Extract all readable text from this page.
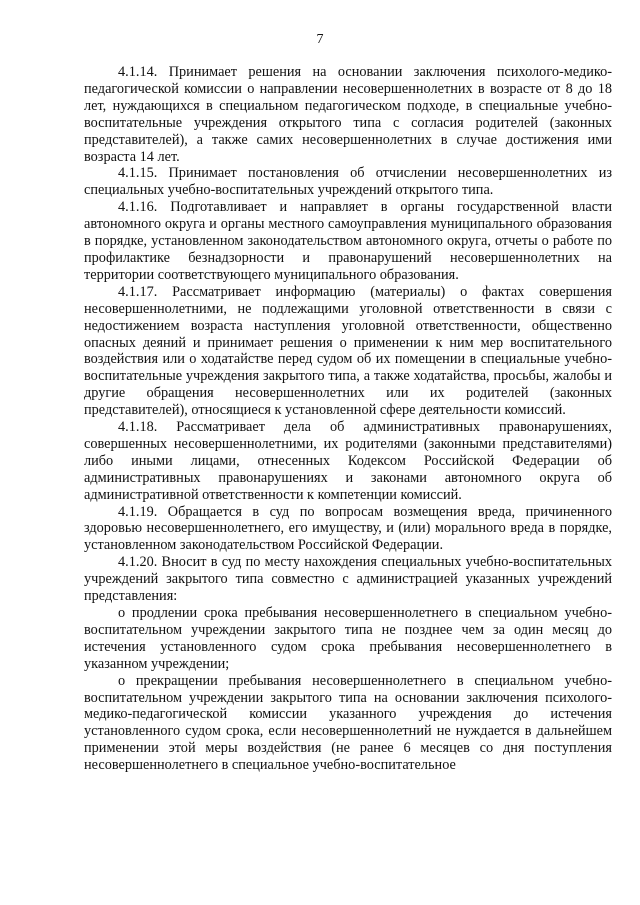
7

4.1.14. Принимает решения на основании заключения психолого-медико-педагогической комиссии о направлении несовершеннолетних в возрасте от 8 до 18 лет, нуждающихся в специальном педагогическом подходе, в специальные учебно-воспитательные учреждения открытого типа с согласия родителей (законных представителей), а также самих несовершеннолетних в случае достижения ими возраста 14 лет.

4.1.15. Принимает постановления об отчислении несовершеннолетних из специальных учебно-воспитательных учреждений открытого типа.

4.1.16. Подготавливает и направляет в органы государственной власти автономного округа и органы местного самоуправления муниципального образования в порядке, установленном законодательством автономного округа, отчеты о работе по профилактике безнадзорности и правонарушений несовершеннолетних на территории соответствующего муниципального образования.

4.1.17. Рассматривает информацию (материалы) о фактах совершения несовершеннолетними, не подлежащими уголовной ответственности в связи с недостижением возраста наступления уголовной ответственности, общественно опасных деяний и принимает решения о применении к ним мер воспитательного воздействия или о ходатайстве перед судом об их помещении в специальные учебно-воспитательные учреждения закрытого типа, а также ходатайства, просьбы, жалобы и другие обращения несовершеннолетних или их родителей (законных представителей), относящиеся к установленной сфере деятельности комиссий.

4.1.18. Рассматривает дела об административных правонарушениях, совершенных несовершеннолетними, их родителями (законными представителями) либо иными лицами, отнесенных Кодексом Российской Федерации об административных правонарушениях и законами автономного округа об административной ответственности к компетенции комиссий.

4.1.19. Обращается в суд по вопросам возмещения вреда, причиненного здоровью несовершеннолетнего, его имуществу, и (или) морального вреда в порядке, установленном законодательством Российской Федерации.

4.1.20. Вносит в суд по месту нахождения специальных учебно-воспитательных учреждений закрытого типа совместно с администрацией указанных учреждений представления:

о продлении срока пребывания несовершеннолетнего в специальном учебно-воспитательном учреждении закрытого типа не позднее чем за один месяц до истечения установленного судом срока пребывания несовершеннолетнего в указанном учреждении;

о прекращении пребывания несовершеннолетнего в специальном учебно-воспитательном учреждении закрытого типа на основании заключения психолого-медико-педагогической комиссии указанного учреждения до истечения установленного судом срока, если несовершеннолетний не нуждается в дальнейшем применении этой меры воздействия (не ранее 6 месяцев со дня поступления несовершеннолетнего в специальное учебно-воспитательное
